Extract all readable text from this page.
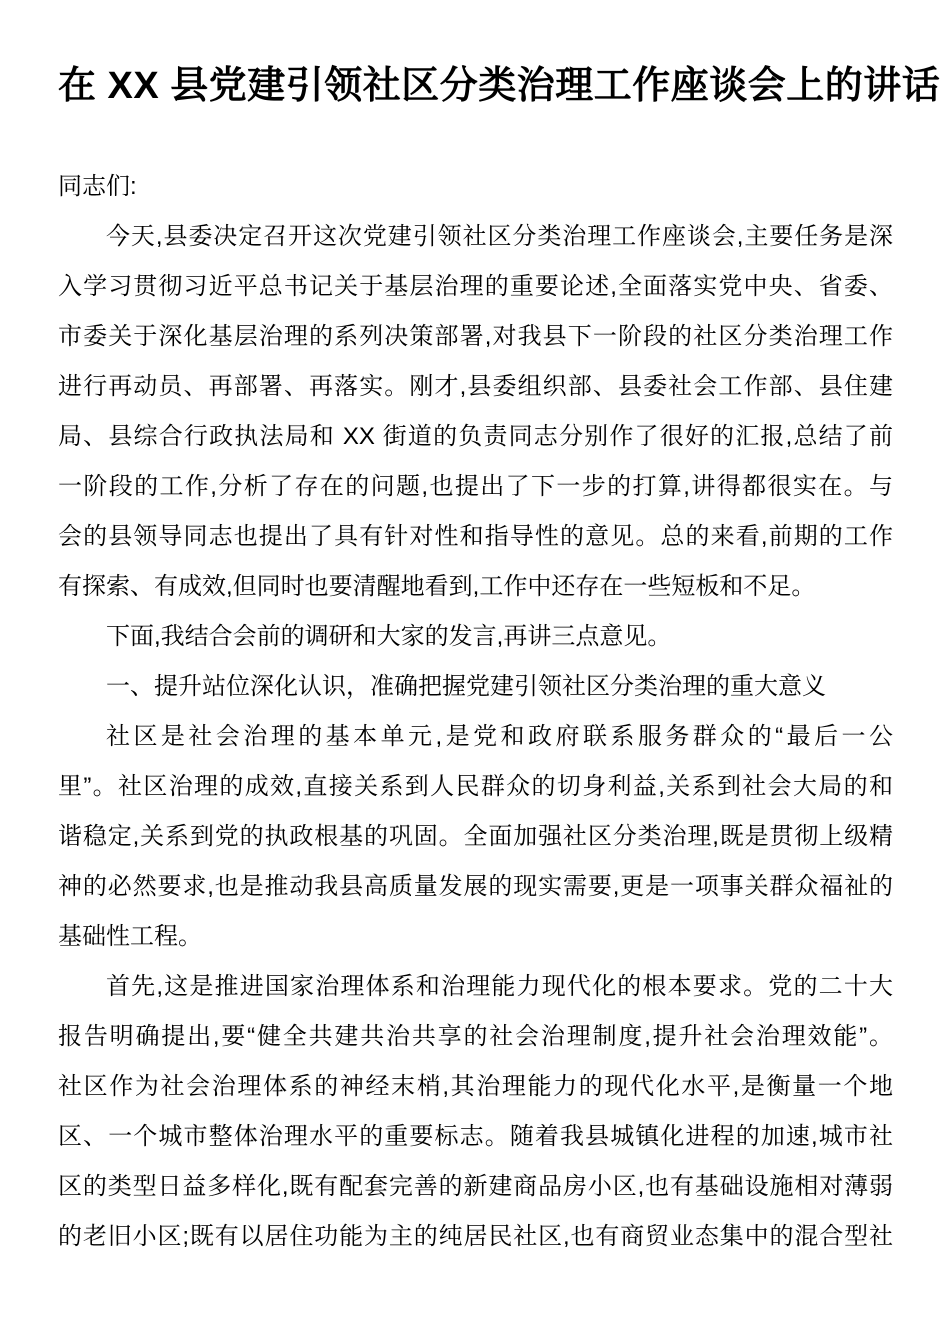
在 XX 县党建引领社区分类治理工作座谈会上的讲话
同志们:
今天,县委决定召开这次党建引领社区分类治理工作座谈会,主要任务是深
入学习贯彻习近平总书记关于基层治理的重要论述,全面落实党中央、省委、
市委关于深化基层治理的系列决策部署,对我县下一阶段的社区分类治理工作
进行再动员、再部署、再落实。刚才,县委组织部、县委社会工作部、县住建
局、县综合行政执法局和 XX 街道的负责同志分别作了很好的汇报,总结了前
一阶段的工作,分析了存在的问题,也提出了下一步的打算,讲得都很实在。与
会的县领导同志也提出了具有针对性和指导性的意见。总的来看,前期的工作
有探索、有成效,但同时也要清醒地看到,工作中还存在一些短板和不足。
下面,我结合会前的调研和大家的发言,再讲三点意见。
一、提升站位深化认识，准确把握党建引领社区分类治理的重大意义
社区是社会治理的基本单元,是党和政府联系服务群众的“最后一公
里”。社区治理的成效,直接关系到人民群众的切身利益,关系到社会大局的和
谐稳定,关系到党的执政根基的巩固。全面加强社区分类治理,既是贯彻上级精
神的必然要求,也是推动我县高质量发展的现实需要,更是一项事关群众福祉的
基础性工程。
首先,这是推进国家治理体系和治理能力现代化的根本要求。党的二十大
报告明确提出,要“健全共建共治共享的社会治理制度,提升社会治理效能”。
社区作为社会治理体系的神经末梢,其治理能力的现代化水平,是衡量一个地
区、一个城市整体治理水平的重要标志。随着我县城镇化进程的加速,城市社
区的类型日益多样化,既有配套完善的新建商品房小区,也有基础设施相对薄弱
的老旧小区;既有以居住功能为主的纯居民社区,也有商贸业态集中的混合型社
